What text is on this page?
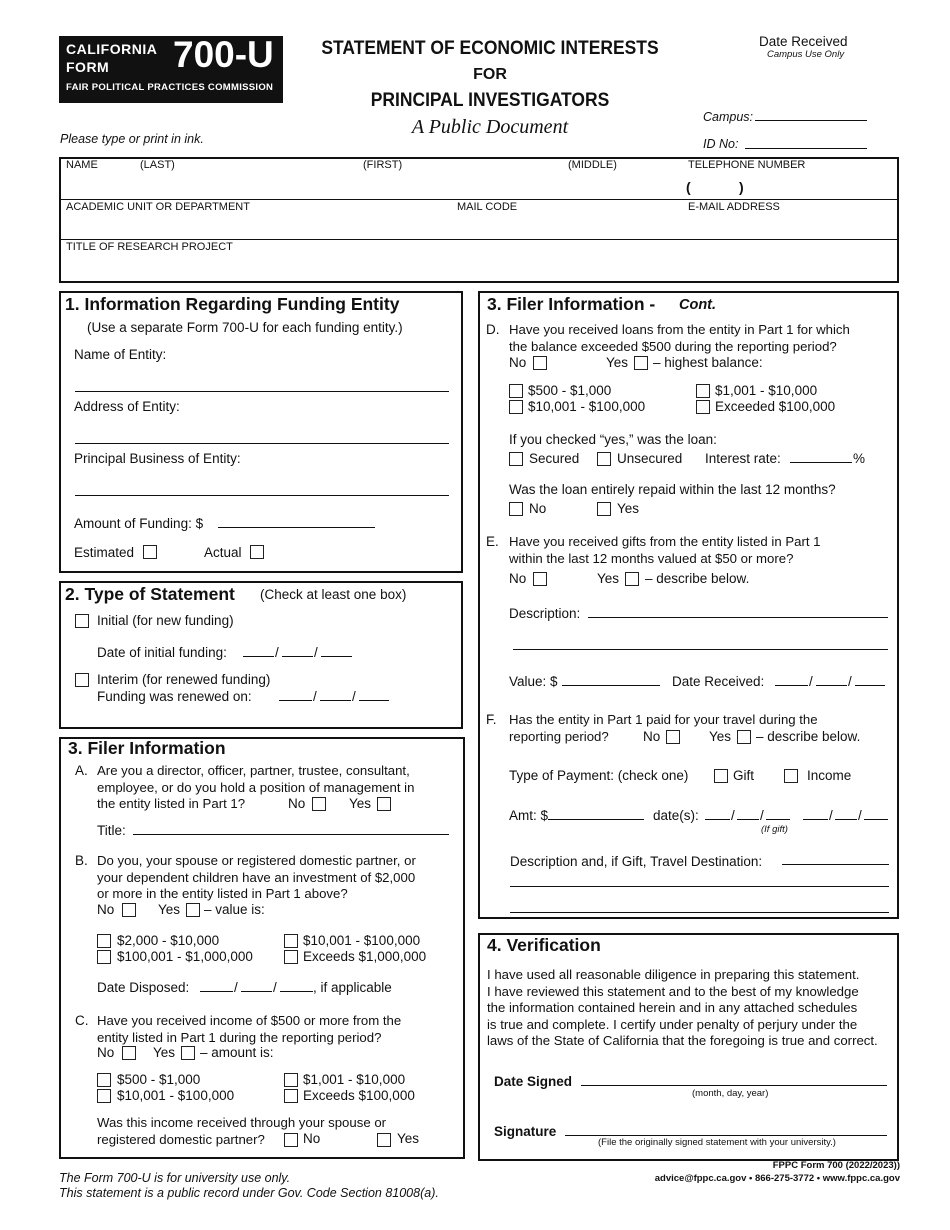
CALIFORNIA
FORM 700-U
FAIR POLITICAL PRACTICES COMMISSION
STATEMENT OF ECONOMIC INTERESTS
FOR
PRINCIPAL INVESTIGATORS
A Public Document
Date Received
Campus Use Only
Campus:
ID No:
Please type or print in ink.
NAME	(LAST)	(FIRST)	(MIDDLE)	TELEPHONE NUMBER
(	)
ACADEMIC UNIT OR DEPARTMENT	MAIL CODE	E-MAIL ADDRESS
TITLE OF RESEARCH PROJECT
1. Information Regarding Funding Entity
(Use a separate Form 700-U for each funding entity.)
Name of Entity:
Address of Entity:
Principal Business of Entity:
Amount of Funding: $
Estimated	Actual
2. Type of Statement (Check at least one box)
Initial (for new funding)
Date of initial funding:	/	/
Interim (for renewed funding)
Funding was renewed on:	/	/
3. Filer Information
A. Are you a director, officer, partner, trustee, consultant,
employee, or do you hold a position of management in
the entity listed in Part 1?	No	Yes
Title:
B. Do you, your spouse or registered domestic partner, or
your dependent children have an investment of $2,000
or more in the entity listed in Part 1 above?
No	Yes – value is:
$2,000 - $10,000	$10,001 - $100,000
$100,001 - $1,000,000	Exceeds $1,000,000
Date Disposed:	/	/	, if applicable
C. Have you received income of $500 or more from the
entity listed in Part 1 during the reporting period?
No	Yes – amount is:
$500 - $1,000	$1,001 - $10,000
$10,001 - $100,000	Exceeds $100,000
Was this income received through your spouse or
registered domestic partner?	No	Yes
3. Filer Information - Cont.
D. Have you received loans from the entity in Part 1 for which
the balance exceeded $500 during the reporting period?
No	Yes – highest balance:
$500 - $1,000	$1,001 - $10,000
$10,001 - $100,000	Exceeded $100,000
If you checked “yes,” was the loan:
Secured	Unsecured Interest rate:	%
Was the loan entirely repaid within the last 12 months?
No	Yes
E. Have you received gifts from the entity listed in Part 1
within the last 12 months valued at $50 or more?
No	Yes – describe below.
Description:
Value: $	Date Received:	/	/
F. Has the entity in Part 1 paid for your travel during the
reporting period?	No	Yes – describe below.
Type of Payment: (check one)	Gift	Income
Amt: $	date(s): / /	/ /
(If gift)
Description and, if Gift, Travel Destination:
4. Verification
I have used all reasonable diligence in preparing this statement.
I have reviewed this statement and to the best of my knowledge
the information contained herein and in any attached schedules
is true and complete. I certify under penalty of perjury under the
laws of the State of California that the foregoing is true and correct.
Date Signed
(month, day, year)
Signature
(File the originally signed statement with your university.)
The Form 700-U is for university use only.
This statement is a public record under Gov. Code Section 81008(a).
FPPC Form 700 (2022/2023))
advice@fppc.ca.gov • 866-275-3772 • www.fppc.ca.gov
